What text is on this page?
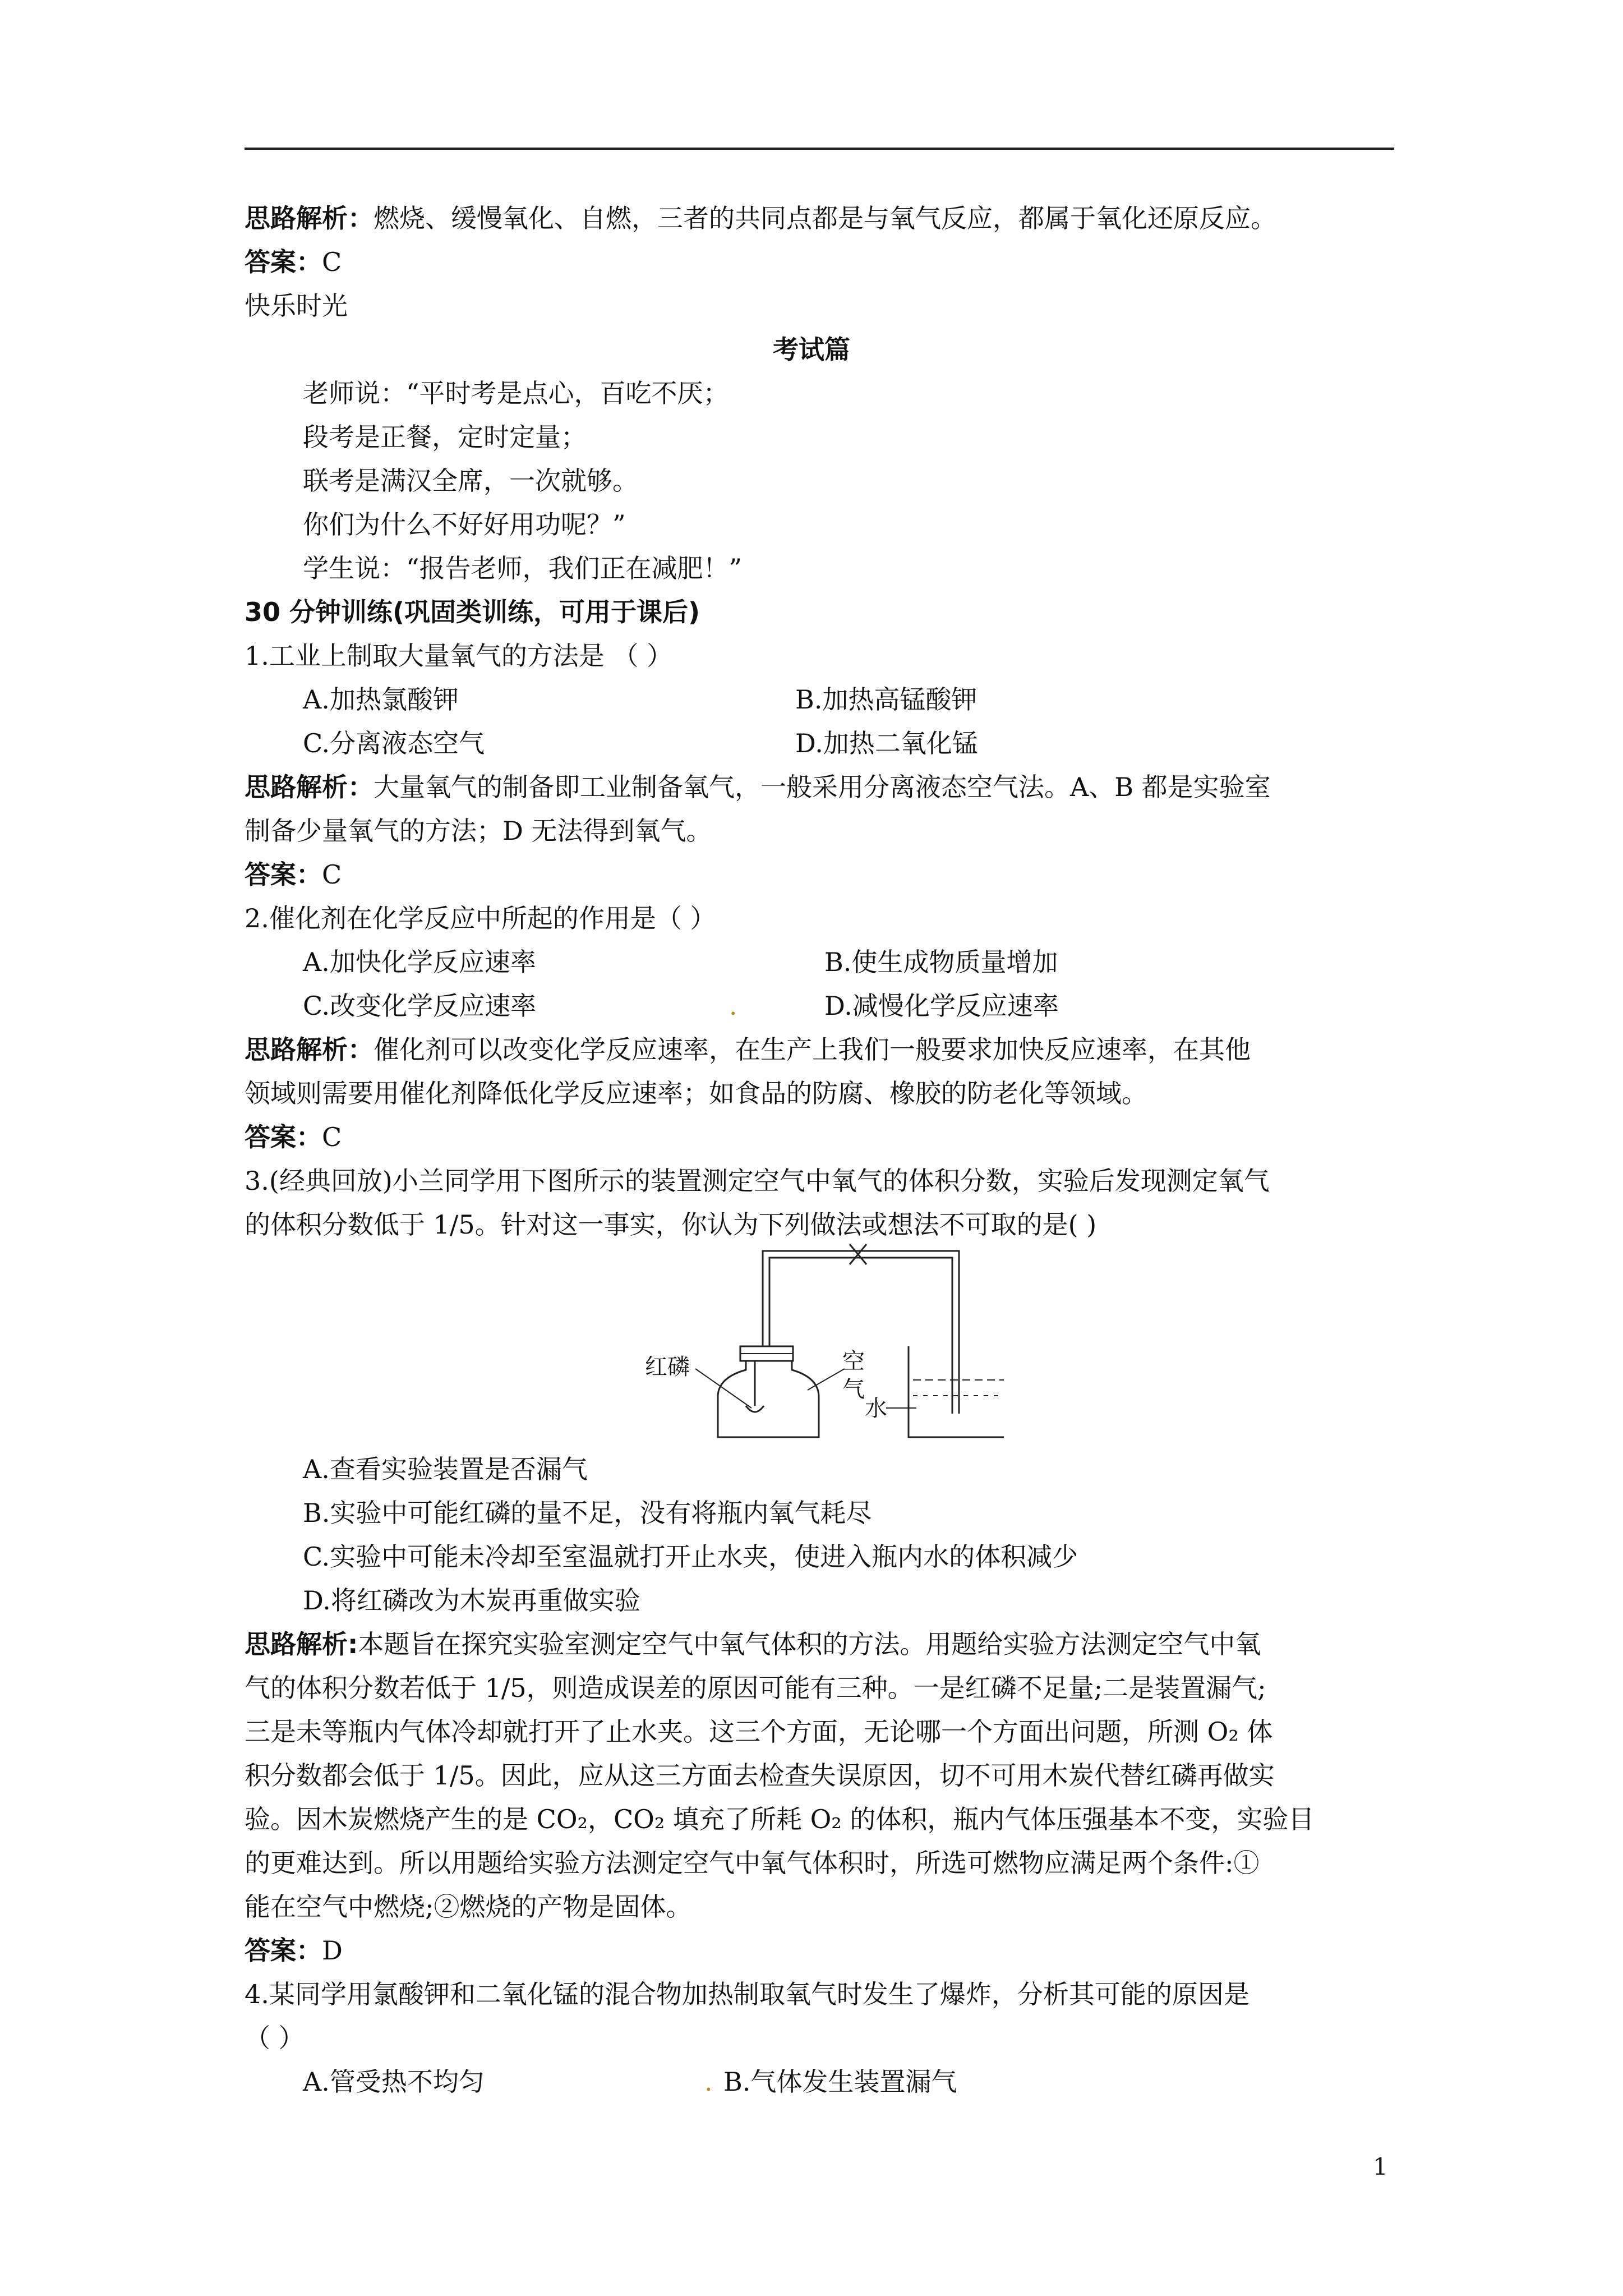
思路解析：燃烧、缓慢氧化、自燃，三者的共同点都是与氧气反应，都属于氧化还原反应。
答案：C
快乐时光
考试篇
老师说：“平时考是点心，百吃不厌；
段考是正餐，定时定量；
联考是满汉全席，一次就够。
你们为什么不好好用功呢？”
学生说：“报告老师，我们正在减肥！”
30 分钟训练(巩固类训练，可用于课后)
1.工业上制取大量氧气的方法是 （ ）
A.加热氯酸钾	B.加热高锰酸钾
C.分离液态空气	D.加热二氧化锰
思路解析：大量氧气的制备即工业制备氧气，一般采用分离液态空气法。A、B 都是实验室
制备少量氧气的方法；D 无法得到氧气。
答案：C
2.催化剂在化学反应中所起的作用是（ ）
A.加快化学反应速率	B.使生成物质量增加
C.改变化学反应速率	.	D.减慢化学反应速率
思路解析：催化剂可以改变化学反应速率，在生产上我们一般要求加快反应速率，在其他
领域则需要用催化剂降低化学反应速率；如食品的防腐、橡胶的防老化等领域。
答案：C
3.(经典回放)小兰同学用下图所示的装置测定空气中氧气的体积分数，实验后发现测定氧气
的体积分数低于 1/5。针对这一事实，你认为下列做法或想法不可取的是( )
红磷	空
气
水
A.查看实验装置是否漏气
B.实验中可能红磷的量不足，没有将瓶内氧气耗尽
C.实验中可能未冷却至室温就打开止水夹，使进入瓶内水的体积减少
D.将红磷改为木炭再重做实验
思路解析:本题旨在探究实验室测定空气中氧气体积的方法。用题给实验方法测定空气中氧
气的体积分数若低于 1/5，则造成误差的原因可能有三种。一是红磷不足量;二是装置漏气;
三是未等瓶内气体冷却就打开了止水夹。这三个方面，无论哪一个方面出问题，所测 O₂ 体
积分数都会低于 1/5。因此，应从这三方面去检查失误原因，切不可用木炭代替红磷再做实
验。因木炭燃烧产生的是 CO₂，CO₂ 填充了所耗 O₂ 的体积，瓶内气体压强基本不变，实验目
的更难达到。所以用题给实验方法测定空气中氧气体积时，所选可燃物应满足两个条件:①
能在空气中燃烧;②燃烧的产物是固体。
答案：D
4.某同学用氯酸钾和二氧化锰的混合物加热制取氧气时发生了爆炸，分析其可能的原因是
（ ）
A.管受热不均匀	. B.气体发生装置漏气
1
